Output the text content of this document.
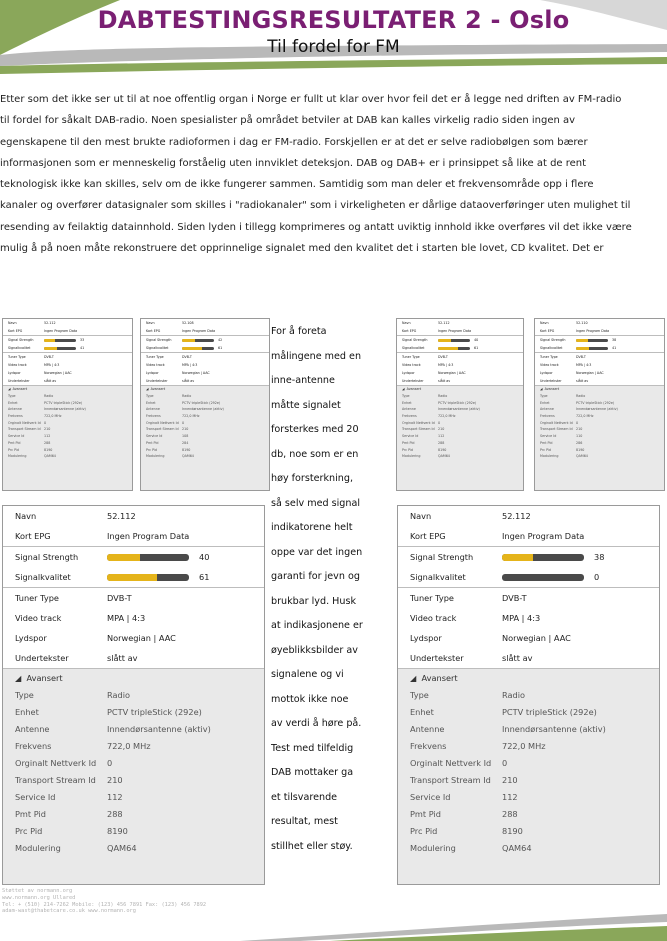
DABTESTINGSRESULTATER 2 - Oslo
Til fordel for FM
Etter som det ikke ser ut til at noe offentlig organ i Norge er fullt ut klar over hvor feil det er å legge ned driften av FM-radio
til fordel for såkalt DAB-radio. Noen spesialister på området betviler at DAB kan kalles virkelig radio siden ingen av
egenskapene til den mest brukte radioformen i dag er FM-radio. Forskjellen er at det er selve radiobølgen som bærer
informasjonen som er menneskelig forståelig uten innviklet deteksjon. DAB og DAB+ er i prinsippet så like at de rent
teknologisk ikke kan skilles, selv om de ikke fungerer sammen. Samtidig som man deler et frekvensområde opp i flere
kanaler og overfører datasignaler som skilles i "radiokanaler" som i virkeligheten er dårlige dataoverføringer uten mulighet til
resending av feilaktig datainnhold. Siden lyden i tillegg komprimeres og antatt uviktig innhold ikke overføres vil det ikke være
mulig å på noen måte rekonstruere det opprinnelige signalet med den kvalitet det i starten ble lovet, CD kvalitet. Det er
Navn	52.112
Kort EPG	Ingen Program Data
Signal Strength	33
Signalkvalitet	41
Tuner Type	DVB-T
Video track	MPA | 4:3
Lydspor	Norwegian | AAC
Undertekster	slått av
◢ Avansert
Type	Radio
Enhet	PCTV tripleStick (292e)
Antenne	Innendørsantenne (aktiv)
Frekvens	722,0 MHz
Orginalt Nettverk Id 0
Transport Stream Id	210
Service Id	112
Pmt Pid	288
Prc Pid	8190
Modulering	QAM64
Navn	52.108
Kort EPG	Ingen Program Data
Signal Strength	42
Signalkvalitet	61
Tuner Type	DVB-T
Video track	MPA | 4:3
Lydspor	Norwegian | AAC
Undertekster	slått av
◢ Avansert
Type	Radio
Enhet	PCTV tripleStick (292e)
Antenne	Innendørsantenne (aktiv)
Frekvens	722,0 MHz
Orginalt Nettverk Id 0
Transport Stream Id	210
Service Id	108
Pmt Pid	284
Prc Pid	8190
Modulering	QAM64
Navn	52.112
Kort EPG	Ingen Program Data
Signal Strength	40
Signalkvalitet	61
Tuner Type	DVB-T
Video track	MPA | 4:3
Lydspor	Norwegian | AAC
Undertekster	slått av
◢ Avansert
Type	Radio
Enhet	PCTV tripleStick (292e)
Antenne	Innendørsantenne (aktiv)
Frekvens	722,0 MHz
Orginalt Nettverk Id 0
Transport Stream Id	210
Service Id	112
Pmt Pid	288
Prc Pid	8190
Modulering	QAM64
Navn	52.110
Kort EPG	Ingen Program Data
Signal Strength	38
Signalkvalitet	41
Tuner Type	DVB-T
Video track	MPA | 4:3
Lydspor	Norwegian | AAC
Undertekster	slått av
◢ Avansert
Type	Radio
Enhet	PCTV tripleStick (292e)
Antenne	Innendørsantenne (aktiv)
Frekvens	722,0 MHz
Orginalt Nettverk Id 0
Transport Stream Id	210
Service Id	110
Pmt Pid	286
Prc Pid	8190
Modulering	QAM64
Navn	52.112
Kort EPG	Ingen Program Data
Signal Strength	40
Signalkvalitet	61
Tuner Type	DVB-T
Video track	MPA | 4:3
Lydspor	Norwegian | AAC
Undertekster	slått av
◢ Avansert
Type	Radio
Enhet	PCTV tripleStick (292e)
Antenne	Innendørsantenne (aktiv)
Frekvens	722,0 MHz
Orginalt Nettverk Id	0
Transport Stream Id	210
Service Id	112
Pmt Pid	288
Prc Pid	8190
Modulering	QAM64
Navn	52.112
Kort EPG	Ingen Program Data
Signal Strength	38
Signalkvalitet	0
Tuner Type	DVB-T
Video track	MPA | 4:3
Lydspor	Norwegian | AAC
Undertekster	slått av
◢ Avansert
Type	Radio
Enhet	PCTV tripleStick (292e)
Antenne	Innendørsantenne (aktiv)
Frekvens	722,0 MHz
Orginalt Nettverk Id	0
Transport Stream Id	210
Service Id	112
Pmt Pid	288
Prc Pid	8190
Modulering	QAM64
For å foreta
målingene med en
inne-antenne
måtte signalet
forsterkes med 20
db, noe som er en
høy forsterkning,
så selv med signal
indikatorene helt
oppe var det ingen
garanti for jevn og
brukbar lyd. Husk
at indikasjonene er
øyeblikksbilder av
signalene og vi
mottok ikke noe
av verdi å høre på.
Test med tilfeldig
DAB mottaker ga
et tilsvarende
resultat, mest
stillhet eller støy.
Støttet av normann.org
www.normann.org Ullared
Tel: + (510) 214-7262 Mobile: (123) 456 7891 Fax: (123) 456 7892
adam-wast@thabetcare.co.uk www.normann.org
